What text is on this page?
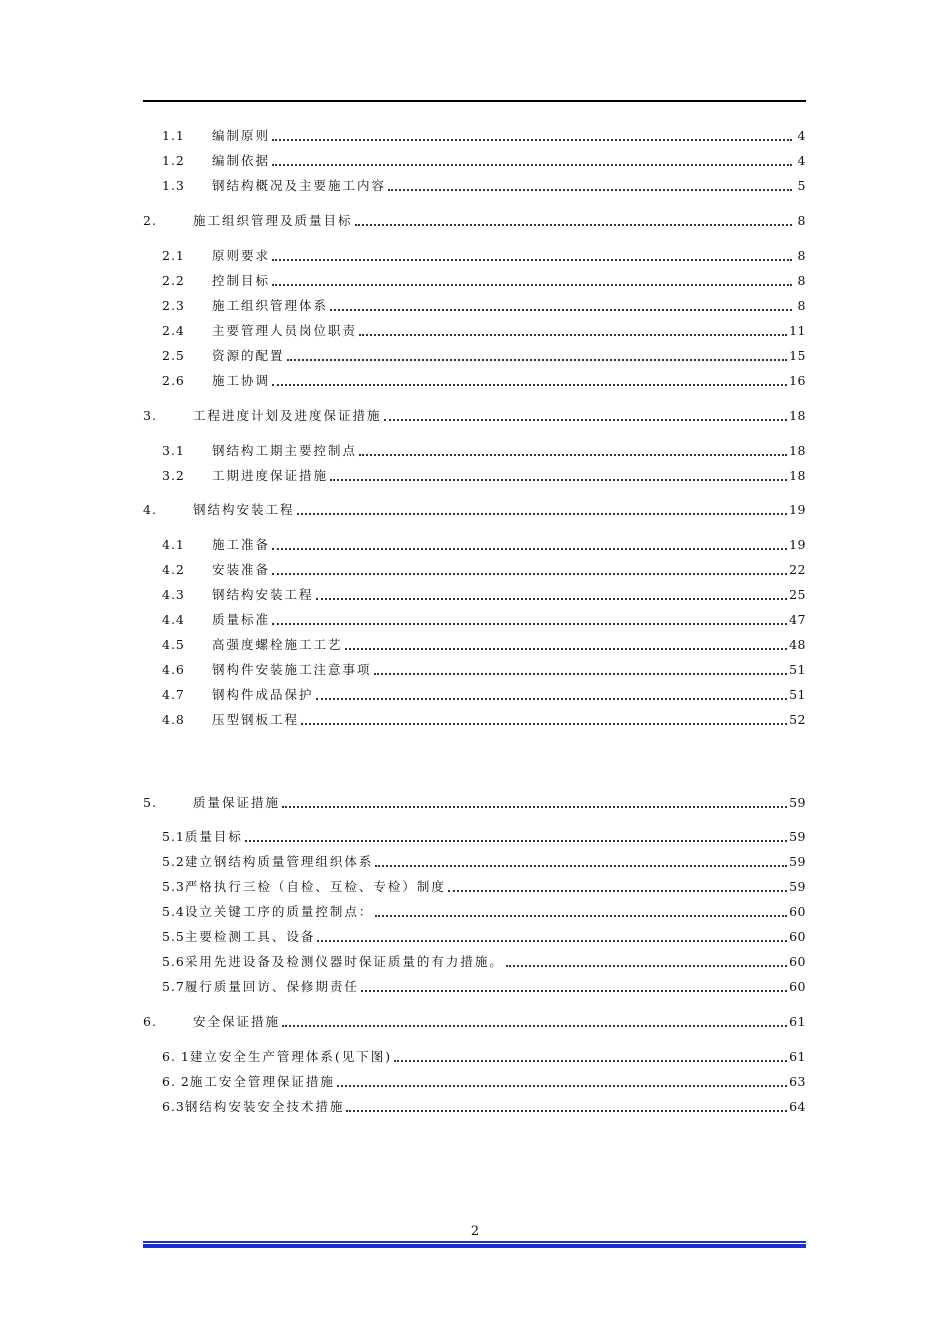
1.1	编制原则	4
1.2	编制依据	4
1.3	钢结构概况及主要施工内容	5
2.	施工组织管理及质量目标	8
2.1	原则要求	8
2.2	控制目标	8
2.3	施工组织管理体系	8
2.4	主要管理人员岗位职责	11
2.5	资源的配置	15
2.6	施工协调	16
3.	工程进度计划及进度保证措施	18
3.1	钢结构工期主要控制点	18
3.2	工期进度保证措施	18
4.	钢结构安装工程	19
4.1	施工准备	19
4.2	安装准备	22
4.3	钢结构安装工程	25
4.4	质量标准	47
4.5	高强度螺栓施工工艺	48
4.6	钢构件安装施工注意事项	51
4.7	钢构件成品保护	51
4.8	压型钢板工程	52
5.	质量保证措施	59
5.1 质量目标	59
5.2 建立钢结构质量管理组织体系	59
5.3 严格执行三检（自检、互检、专检）制度	59
5.4 设立关键工序的质量控制点：	60
5.5 主要检测工具、设备	60
5.6 采用先进设备及检测仪器时保证质量的有力措施。	60
5.7 履行质量回访、保修期责任	60
6.	安全保证措施	61
6. 1 建立安全生产管理体系(见下图)	61
6. 2 施工安全管理保证措施	63
6.3 钢结构安装安全技术措施	64
2
